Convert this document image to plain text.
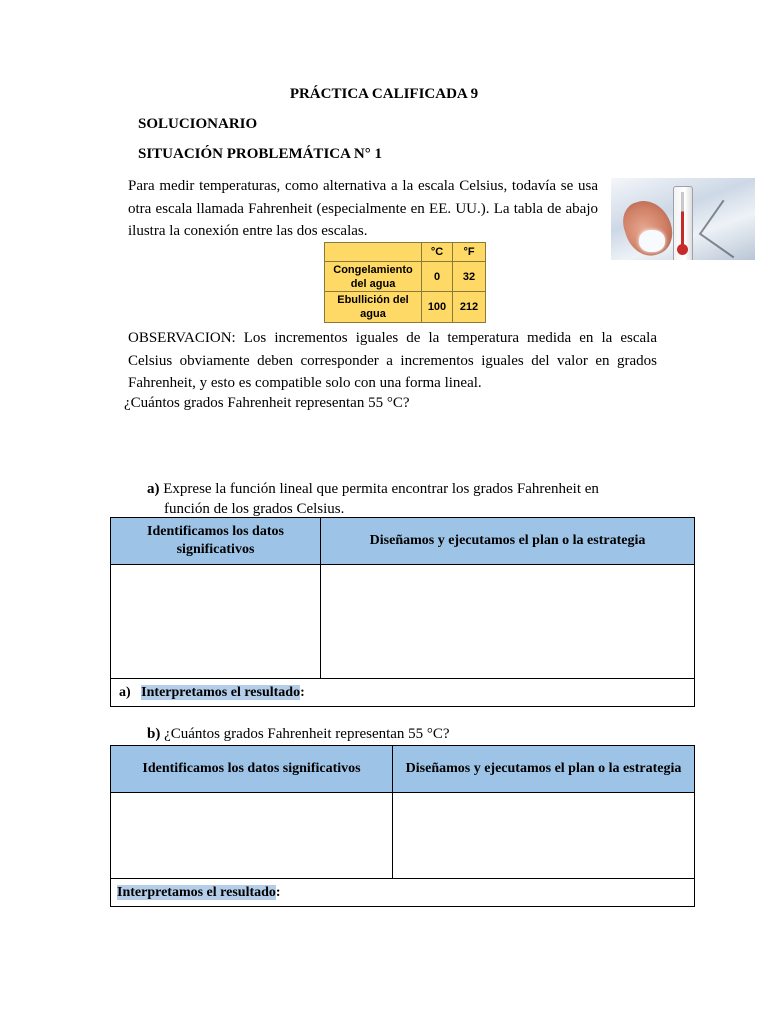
PRÁCTICA CALIFICADA 9
SOLUCIONARIO
SITUACIÓN PROBLEMÁTICA N° 1
Para medir temperaturas, como alternativa a la escala Celsius, todavía se usa otra escala llamada Fahrenheit (especialmente en EE. UU.). La tabla de abajo ilustra la conexión entre las dos escalas.
	°C	°F
Congelamiento del agua	0	32
Ebullición del agua	100	212
OBSERVACION: Los incrementos iguales de la temperatura medida en la escala Celsius obviamente deben corresponder a incrementos iguales del valor en grados Fahrenheit, y esto es compatible solo con una forma lineal.
¿Cuántos grados Fahrenheit representan 55 °C?
a) Exprese la función lineal que permita encontrar los grados Fahrenheit en
función de los grados Celsius.
Identificamos los datos significativos	Diseñamos y ejecutamos el plan o la estrategia

a) Interpretamos el resultado:	
b) ¿Cuántos grados Fahrenheit representan 55 °C?
Identificamos los datos significativos	Diseñamos y ejecutamos el plan o la estrategia

Interpretamos el resultado:	
